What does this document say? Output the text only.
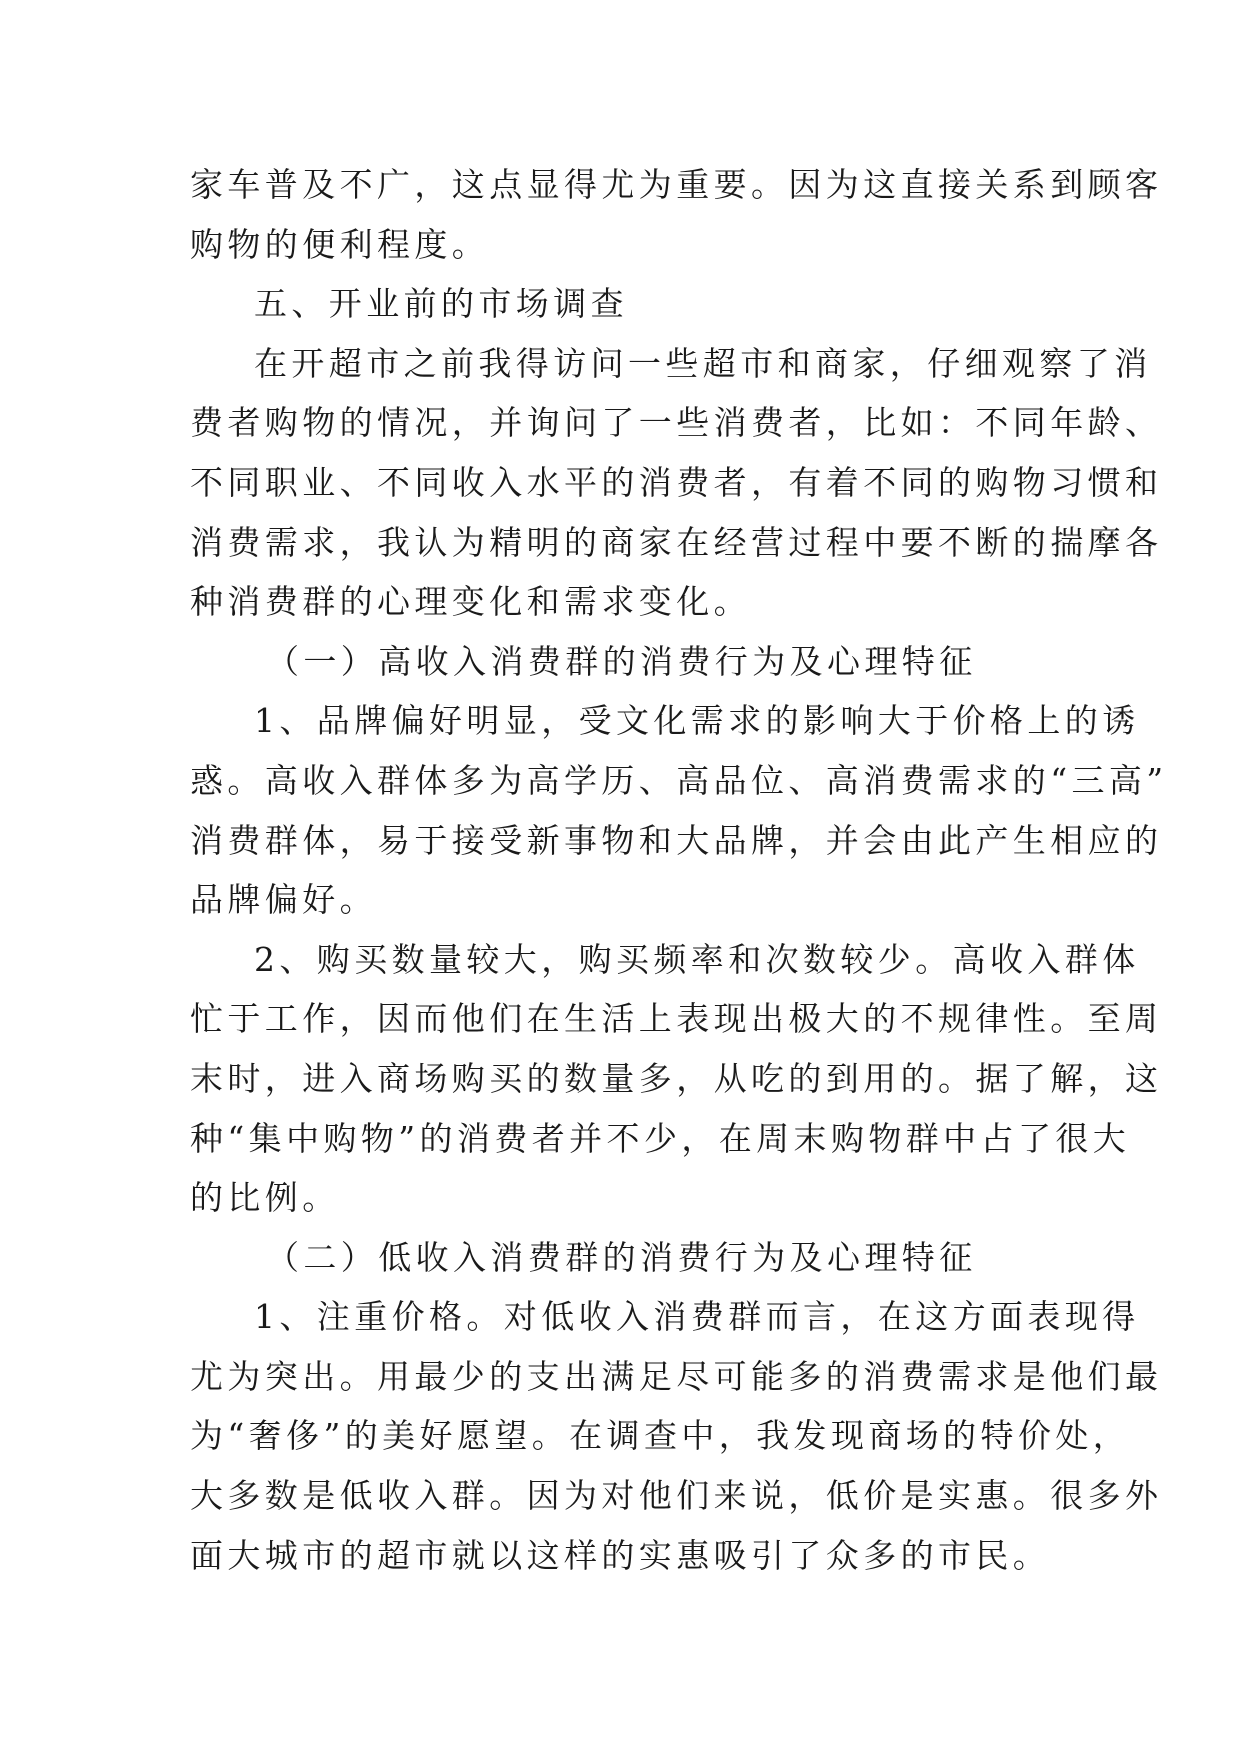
家车普及不广，这点显得尤为重要。因为这直接关系到顾客
购物的便利程度。
五、开业前的市场调查
在开超市之前我得访问一些超市和商家，仔细观察了消
费者购物的情况，并询问了一些消费者，比如：不同年龄、
不同职业、不同收入水平的消费者，有着不同的购物习惯和
消费需求，我认为精明的商家在经营过程中要不断的揣摩各
种消费群的心理变化和需求变化。
（一）高收入消费群的消费行为及心理特征
1、品牌偏好明显，受文化需求的影响大于价格上的诱
惑。高收入群体多为高学历、高品位、高消费需求的“三高”
消费群体，易于接受新事物和大品牌，并会由此产生相应的
品牌偏好。
2、购买数量较大，购买频率和次数较少。高收入群体
忙于工作，因而他们在生活上表现出极大的不规律性。至周
末时，进入商场购买的数量多，从吃的到用的。据了解，这
种“集中购物”的消费者并不少，在周末购物群中占了很大
的比例。
（二）低收入消费群的消费行为及心理特征
1、注重价格。对低收入消费群而言，在这方面表现得
尤为突出。用最少的支出满足尽可能多的消费需求是他们最
为“奢侈”的美好愿望。在调查中，我发现商场的特价处，
大多数是低收入群。因为对他们来说，低价是实惠。很多外
面大城市的超市就以这样的实惠吸引了众多的市民。
